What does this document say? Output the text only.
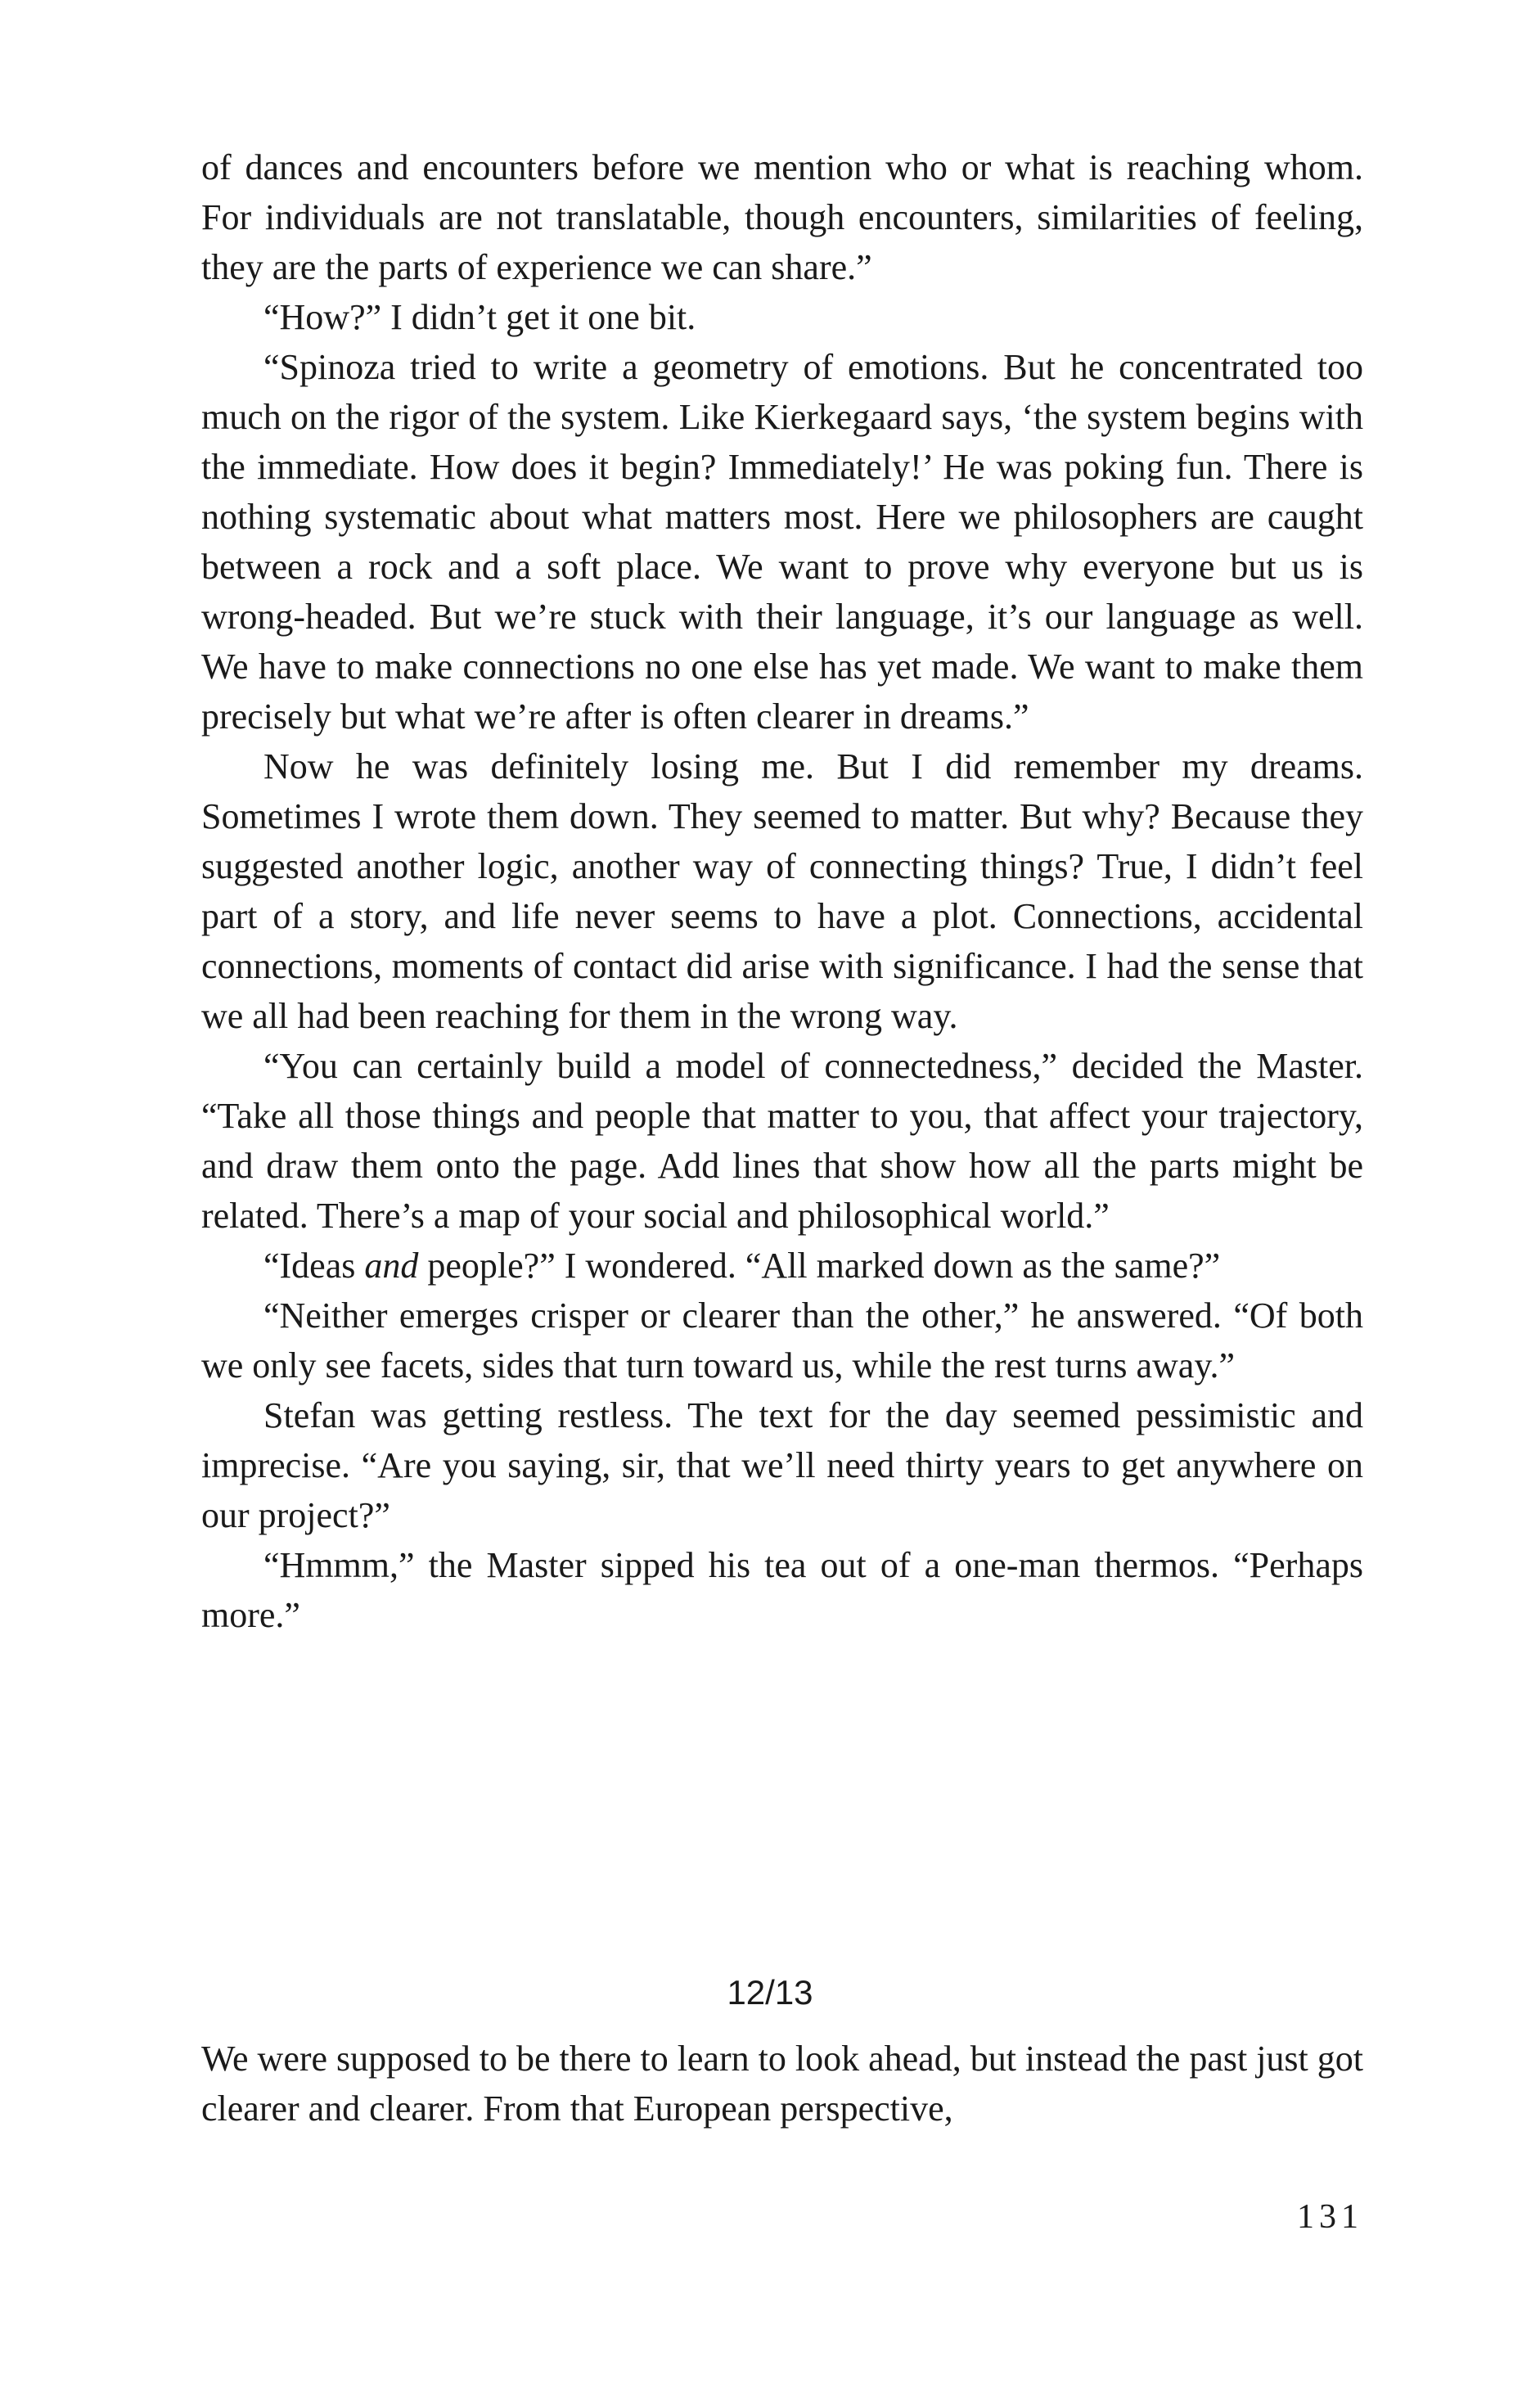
of dances and encounters before we mention who or what is reaching whom. For individuals are not translatable, though encounters, similarities of feeling, they are the parts of experience we can share.”

“How?” I didn’t get it one bit.

“Spinoza tried to write a geometry of emotions. But he concentrated too much on the rigor of the system. Like Kierkegaard says, ‘the system begins with the immediate. How does it begin? Immediately!’ He was poking fun. There is nothing systematic about what matters most. Here we philosophers are caught between a rock and a soft place. We want to prove why everyone but us is wrong-headed. But we’re stuck with their language, it’s our language as well. We have to make connections no one else has yet made. We want to make them precisely but what we’re after is often clearer in dreams.”

Now he was definitely losing me. But I did remember my dreams. Sometimes I wrote them down. They seemed to matter. But why? Because they suggested another logic, another way of connecting things? True, I didn’t feel part of a story, and life never seems to have a plot. Connections, accidental connections, moments of contact did arise with significance. I had the sense that we all had been reaching for them in the wrong way.

“You can certainly build a model of connectedness,” decided the Master. “Take all those things and people that matter to you, that affect your trajectory, and draw them onto the page. Add lines that show how all the parts might be related. There’s a map of your social and philosophical world.”

“Ideas and people?” I wondered. “All marked down as the same?”

“Neither emerges crisper or clearer than the other,” he answered. “Of both we only see facets, sides that turn toward us, while the rest turns away.”

Stefan was getting restless. The text for the day seemed pessimistic and imprecise. “Are you saying, sir, that we’ll need thirty years to get anywhere on our project?”

“Hmmm,” the Master sipped his tea out of a one-man thermos. “Perhaps more.”

12/13

We were supposed to be there to learn to look ahead, but instead the past just got clearer and clearer. From that European perspective,

131
